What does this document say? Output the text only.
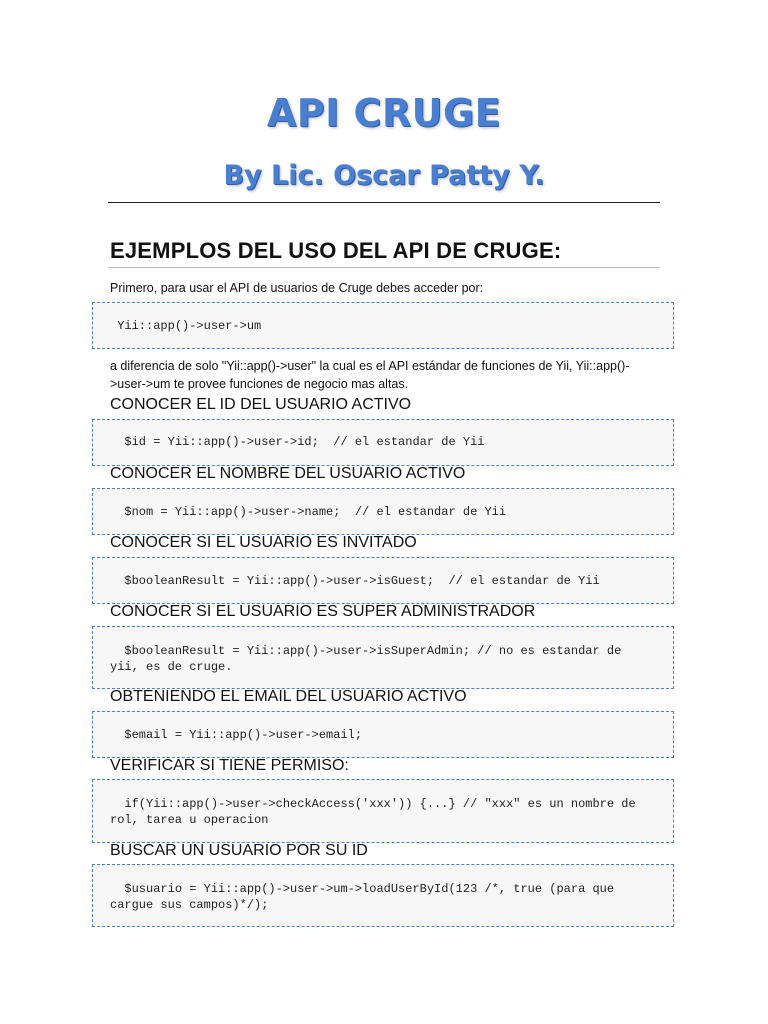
API CRUGE
By Lic. Oscar Patty Y.
EJEMPLOS DEL USO DEL API DE CRUGE:
Primero, para usar el API de usuarios de Cruge debes acceder por:
Yii::app()->user->um
a diferencia de solo "Yii::app()->user" la cual es el API estándar de funciones de Yii, Yii::app()->user->um te provee funciones de negocio mas altas.
CONOCER EL ID DEL USUARIO ACTIVO
$id = Yii::app()->user->id;  // el estandar de Yii
CONOCER EL NOMBRE DEL USUARIO ACTIVO
$nom = Yii::app()->user->name;  // el estandar de Yii
CONOCER SI EL USUARIO ES INVITADO
$booleanResult = Yii::app()->user->isGuest;  // el estandar de Yii
CONOCER SI EL USUARIO ES SUPER ADMINISTRADOR
$booleanResult = Yii::app()->user->isSuperAdmin; // no es estandar de yii, es de cruge.
OBTENIENDO EL EMAIL DEL USUARIO ACTIVO
$email = Yii::app()->user->email;
VERIFICAR SI TIENE PERMISO:
if(Yii::app()->user->checkAccess('xxx')) {...} // "xxx" es un nombre de rol, tarea u operacion
BUSCAR UN USUARIO POR SU ID
$usuario = Yii::app()->user->um->loadUserById(123 /*, true (para que cargue sus campos)*/);
